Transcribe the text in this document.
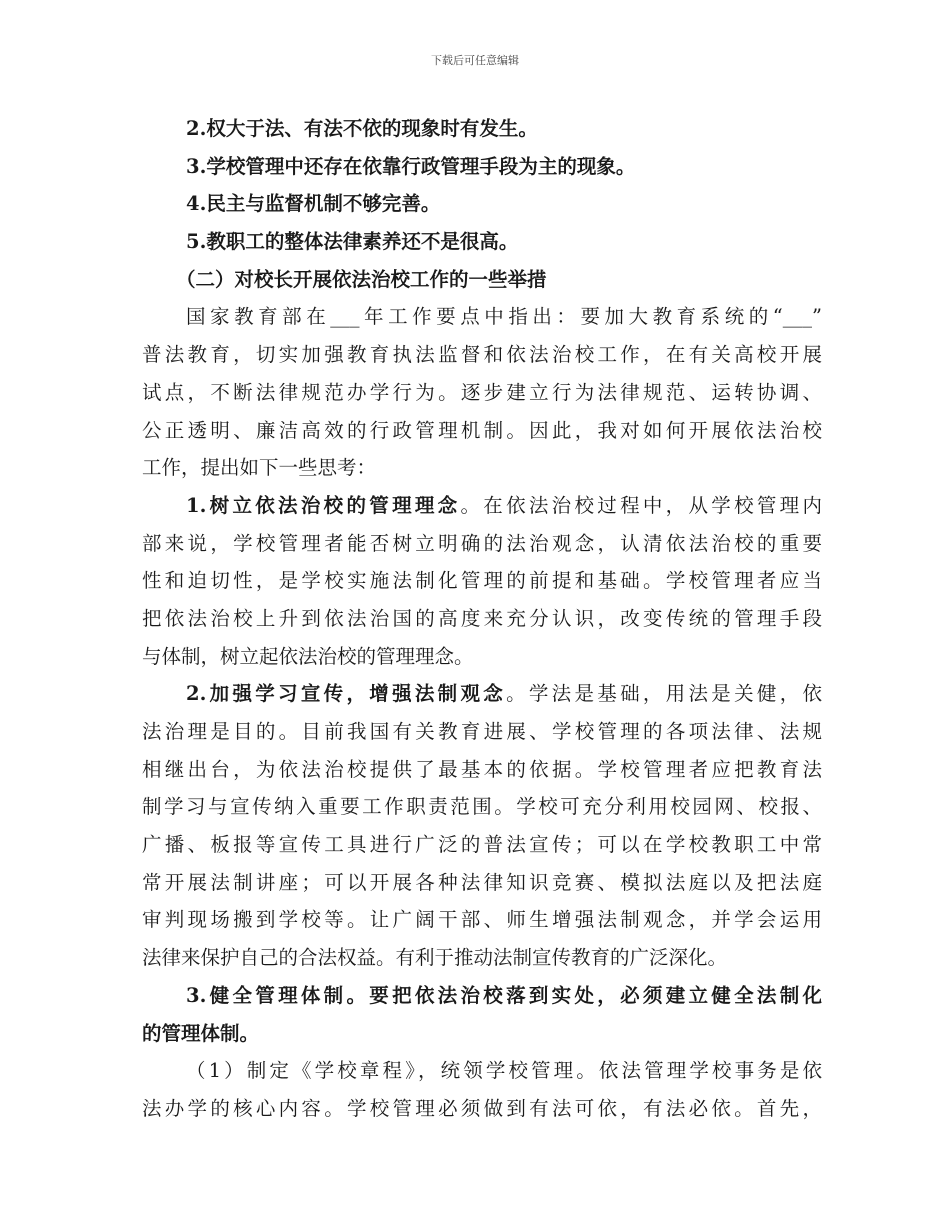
下载后可任意编辑
2.权大于法、有法不依的现象时有发生。
3.学校管理中还存在依靠行政管理手段为主的现象。
4.民主与监督机制不够完善。
5.教职工的整体法律素养还不是很高。
（二）对校长开展依法治校工作的一些举措
国家教育部在___年工作要点中指出：要加大教育系统的“___”
普法教育，切实加强教育执法监督和依法治校工作，在有关高校开展
试点，不断法律规范办学行为。逐步建立行为法律规范、运转协调、
公正透明、廉洁高效的行政管理机制。因此，我对如何开展依法治校
工作，提出如下一些思考：
1.树立依法治校的管理理念。在依法治校过程中，从学校管理内
部来说，学校管理者能否树立明确的法治观念，认清依法治校的重要
性和迫切性，是学校实施法制化管理的前提和基础。学校管理者应当
把依法治校上升到依法治国的高度来充分认识，改变传统的管理手段
与体制，树立起依法治校的管理理念。
2.加强学习宣传，增强法制观念。学法是基础，用法是关健，依
法治理是目的。目前我国有关教育进展、学校管理的各项法律、法规
相继出台，为依法治校提供了最基本的依据。学校管理者应把教育法
制学习与宣传纳入重要工作职责范围。学校可充分利用校园网、校报、
广播、板报等宣传工具进行广泛的普法宣传；可以在学校教职工中常
常开展法制讲座；可以开展各种法律知识竞赛、模拟法庭以及把法庭
审判现场搬到学校等。让广阔干部、师生增强法制观念，并学会运用
法律来保护自己的合法权益。有利于推动法制宣传教育的广泛深化。
3.健全管理体制。要把依法治校落到实处，必须建立健全法制化
的管理体制。
（1）制定《学校章程》，统领学校管理。依法管理学校事务是依
法办学的核心内容。学校管理必须做到有法可依，有法必依。首先，
